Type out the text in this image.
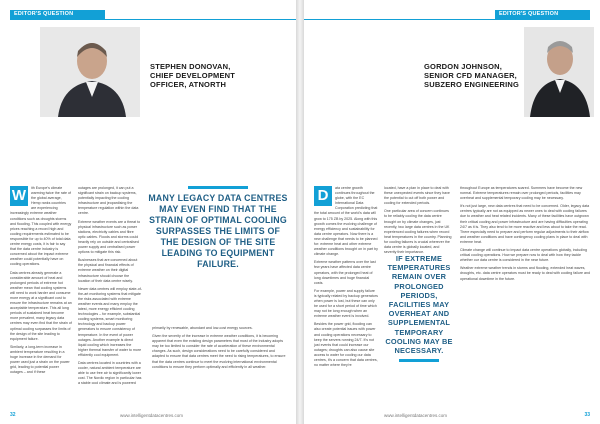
EDITOR'S QUESTION
STEPHEN DONOVAN,
CHIEF DEVELOPMENT
OFFICER, ATNORTH

W	ith Europe's climate warming twice the rate of the global average, Hemp ranks countries are experiencing increasingly extreme weather conditions such as droughts storms and flooding. This coupled with energy prices reaching a record high and cooling requirements estimated to be responsible for up to 40% of total data centre energy costs, it is fair to say that the data centre industry is concerned about the impact extreme weather could potentially have on cooling operations.

Data centres already generate a considerable amount of heat and prolonged periods of extreme hot weather mean that cooling systems will need to work harder and consume more energy at a significant cost to ensure the infrastructure remains at an acceptable temperature. This all long periods of sustained heat become more prevalent, many legacy data centres may even find that the strain of optimal cooling surpasses the limits of the design of the site leading to equipment failure.

Similarly, a long-term increase in ambient temperature resulting in a huge increase in the demand for power used just a strain on the power grid, leading to potential power outages – and if these

outages are prolonged, it can put a significant strain on backup systems, potentially impacting the cooling infrastructure and jeopardising the temperature regulation within the data centre.

Extreme weather events are a threat to physical infrastructure such as power stations, electricity cables and fibre optic cables. Floods and storms could heavily rely on outside and centralised power supply and centralised power options to mitigate this risk.

Businesses that are concerned about the physical and financial effects of extreme weather on their digital infrastructure should choose the location of their data centre wisely.

Newer data centres will employ state-of-the-art monitoring systems that mitigate the risks associated with extreme weather events and many employ the latest, more energy efficient cooling technologies – for example, substantial cooling systems, smart monitoring technology and backup power generators to ensure consistency of temperature. In the event of power outages. Another example is direct liquid cooling which increases the higher thermal transfer of water to more efficiently cool equipment.

Data centres located in countries with a cooler, natural ambient temperature are able to use free air to significantly lower cost. The Nordic region in particular has a stable cool climate and is powered

MANY LEGACY DATA CENTRES MAY EVEN FIND THAT THE STRAIN OF OPTIMAL COOLING SURPASSES THE LIMITS OF THE DESIGN OF THE SITE LEADING TO EQUIPMENT FAILURE.

primarily by renewable, abundant and low-cost energy sources.

Given the severity of the increase in extreme weather conditions, it is becoming apparent that even the existing design parameters that most of the industry adopts may be too limited to consider the rate of acceleration of these environmental changes. As such, design considerations need to be carefully considered and adapted to ensure that data centres meet the need to rising temperatures, to ensure that the data centres continue to meet the evolving international environmental conditions to ensure they perform optimally and efficiently in all weather.

32	www.intelligentdatacentres.com
EDITOR'S QUESTION
GORDON JOHNSON,
SENIOR CFD MANAGER,
SUBZERO ENGINEERING

D	ata centre growth continues throughout the globe, with the EC International Data Corporation predicting that the total amount of the world's data will grow to 175 ZB by 2025. Along with this growth comes the evolving challenge of energy efficiency and sustainability for data centre operators. Now there is a new challenge that needs to be planned for: extreme heat and other extreme weather conditions brought on in part by climate change.

Extreme weather patterns over the last few years have affected data centre operators, with the prolonged heat of long downtimes and huge financial costs.

For example, power and supply failure is typically related by backup generators when power is lost, but these can only be used for a short period of time which may not be long enough when an extreme weather event is involved.

Besides the power grid, flooding can also create potential issues with power and cooling operations necessary to keep the servers running 24/7. It's not just events that could increase our outages; droughts can also cause site access to water for cooling our data centres, it's a concern that data centres, no matter where they're

located, have a plan in place to deal with these unexpected events since they have the potential to cut off both power and cooling for extended periods.

One particular area of concern continues to be reliably cooling the data centre brought on by climate changes, just recently, two large data centres in the UK experienced cooling failures when record heat temperatures in the country. Planning for cooling failures is crucial wherever the data centre is globally located, and severity their importance.

IF EXTREME TEMPERATURES REMAIN OVER PROLONGED PERIODS, FACILITIES MAY OVERHEAT AND SUPPLEMENTAL TEMPORARY COOLING MAY BE NECESSARY.

throughout Europe as temperatures soared. Summers have become the new normal. Extreme temperatures remain over prolonged periods, facilities may overheat and supplemental temporary cooling may be necessary.

It's not just large, new data centres that need to be concerned. Older, legacy data centres typically are not as equipped as newer ones to deal with cooling failures due to weather and heat related incidents. Many of these facilities have outgrown their critical cooling and power infrastructure and are having difficulties operating 24/7 as it is. They also tend to be more reactive and less about to take the read. There especially need to prepare and perform regular adjustments to their airflow and weather conditions and have contingency cooling plans in place to deal with extreme heat.

Climate change will continue to impact data centre operations globally, including critical cooling operations. How we prepare now to deal with how they tackle whether our data centre is considered in the near future.

Weather extreme weather trends in storms and flooding, extended heat waves, droughts, etc. data centre operators must be ready to deal with cooling failure and operational downtime in the future.

www.intelligentdatacentres.com	33
